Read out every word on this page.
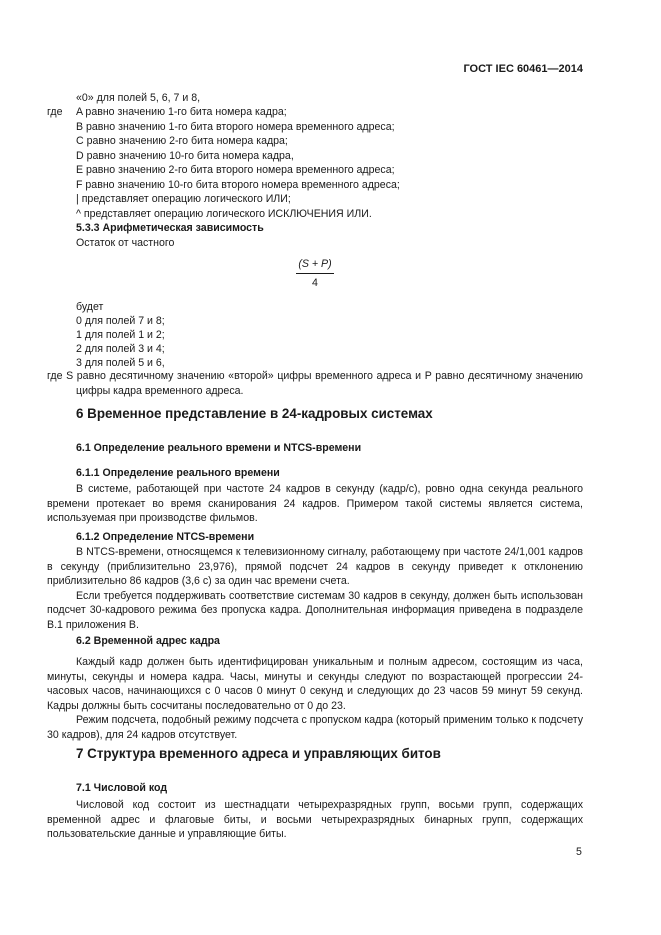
ГОСТ IEC 60461—2014
«0» для полей 5, 6, 7 и 8,
где A равно значению 1-го бита номера кадра;
B равно значению 1-го бита второго номера временного адреса;
C равно значению 2-го бита номера кадра;
D равно значению 10-го бита номера кадра,
E равно значению 2-го бита второго номера временного адреса;
F равно значению 10-го бита второго номера временного адреса;
| представляет операцию логического ИЛИ;
^ представляет операцию логического ИСКЛЮЧЕНИЯ ИЛИ.
5.3.3 Арифметическая зависимость
Остаток от частного
$\frac{(S + P)}{4}$
будет
0 для полей 7 и 8;
1 для полей 1 и 2;
2 для полей 3 и 4;
3 для полей 5 и 6,

где S равно десятичному значению «второй» цифры временного адреса и P равно десятичному значению цифры кадра временного адреса.

6 Временное представление в 24-кадровых системах
6.1 Определение реального времени и NTCS-времени
6.1.1 Определение реального времени

В системе, работающей при частоте 24 кадров в секунду (кадр/с), ровно одна секунда реального времени протекает во время сканирования 24 кадров. Примером такой системы является система, используемая при производстве фильмов.

6.1.2 Определение NTCS-времени

В NTCS-времени, относящемся к телевизионному сигналу, работающему при частоте 24/1,001 кадров в секунду (приблизительно 23,976), прямой подсчет 24 кадров в секунду приведет к отклонению приблизительно 86 кадров (3,6 с) за один час времени счета.

Если требуется поддерживать соответствие системам 30 кадров в секунду, должен быть использован подсчет 30-кадрового режима без пропуска кадра. Дополнительная информация приведена в подразделе B.1 приложения B.

6.2 Временной адрес кадра

Каждый кадр должен быть идентифицирован уникальным и полным адресом, состоящим из часа, минуты, секунды и номера кадра. Часы, минуты и секунды следуют по возрастающей прогрессии 24-часовых часов, начинающихся с 0 часов 0 минут 0 секунд и следующих до 23 часов 59 минут 59 секунд. Кадры должны быть сосчитаны последовательно от 0 до 23.

Режим подсчета, подобный режиму подсчета с пропуском кадра (который применим только к подсчету 30 кадров), для 24 кадров отсутствует.

7 Структура временного адреса и управляющих битов
7.1 Числовой код

Числовой код состоит из шестнадцати четырехразрядных групп, восьми групп, содержащих временной адрес и флаговые биты, и восьми четырехразрядных бинарных групп, содержащих пользовательские данные и управляющие биты.

5
